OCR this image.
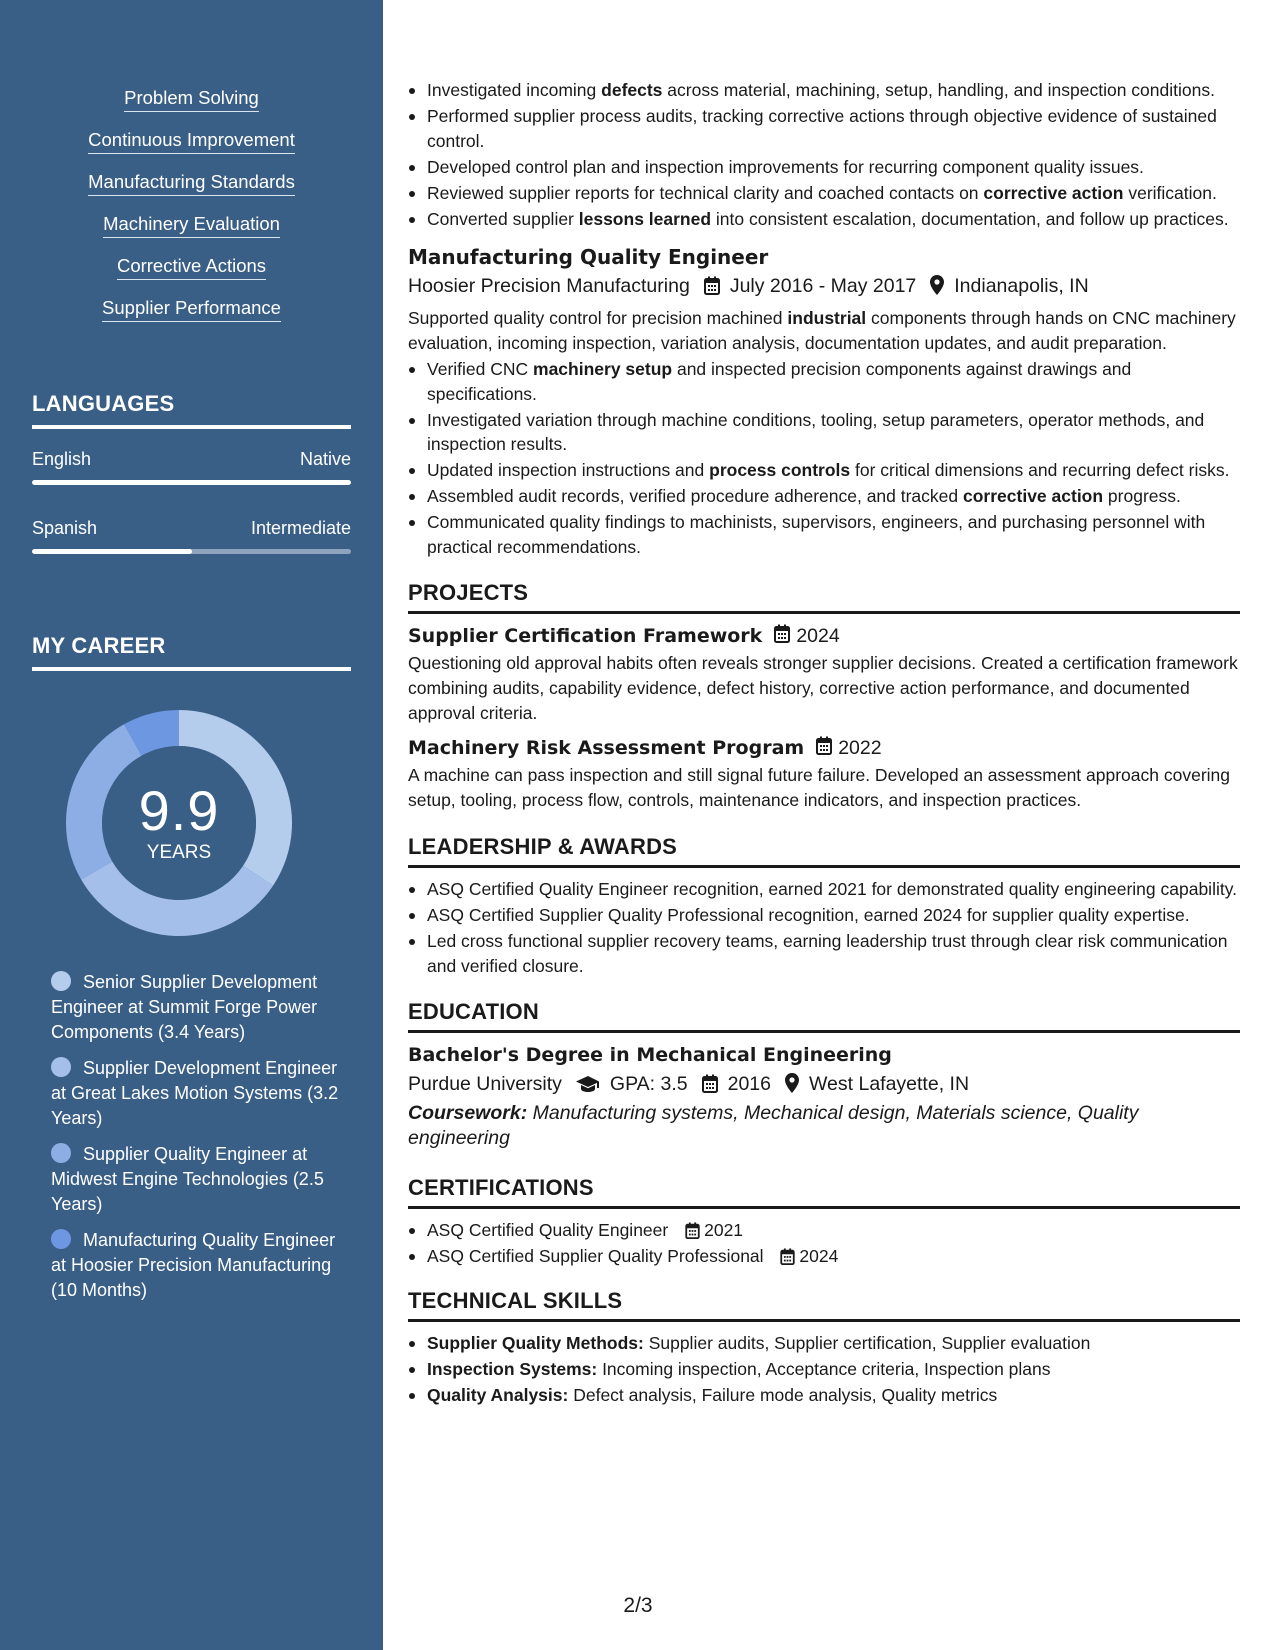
Problem Solving
Continuous Improvement
Manufacturing Standards
Machinery Evaluation
Corrective Actions
Supplier Performance
LANGUAGES
English	Native
Spanish	Intermediate
MY CAREER
9.9
YEARS
Senior Supplier Development Engineer at Summit Forge Power Components (3.4 Years)
Supplier Development Engineer at Great Lakes Motion Systems (3.2 Years)
Supplier Quality Engineer at Midwest Engine Technologies (2.5 Years)
Manufacturing Quality Engineer at Hoosier Precision Manufacturing (10 Months)
Investigated incoming defects across material, machining, setup, handling, and inspection conditions.
Performed supplier process audits, tracking corrective actions through objective evidence of sustained control.
Developed control plan and inspection improvements for recurring component quality issues.
Reviewed supplier reports for technical clarity and coached contacts on corrective action verification.
Converted supplier lessons learned into consistent escalation, documentation, and follow up practices.
Manufacturing Quality Engineer
Hoosier Precision Manufacturing July 2016 - May 2017 Indianapolis, IN
Supported quality control for precision machined industrial components through hands on CNC machinery evaluation, incoming inspection, variation analysis, documentation updates, and audit preparation.
Verified CNC machinery setup and inspected precision components against drawings and specifications.
Investigated variation through machine conditions, tooling, setup parameters, operator methods, and inspection results.
Updated inspection instructions and process controls for critical dimensions and recurring defect risks.
Assembled audit records, verified procedure adherence, and tracked corrective action progress.
Communicated quality findings to machinists, supervisors, engineers, and purchasing personnel with practical recommendations.
PROJECTS
Supplier Certification Framework 2024
Questioning old approval habits often reveals stronger supplier decisions. Created a certification framework combining audits, capability evidence, defect history, corrective action performance, and documented approval criteria.
Machinery Risk Assessment Program 2022
A machine can pass inspection and still signal future failure. Developed an assessment approach covering setup, tooling, process flow, controls, maintenance indicators, and inspection practices.
LEADERSHIP & AWARDS
ASQ Certified Quality Engineer recognition, earned 2021 for demonstrated quality engineering capability.
ASQ Certified Supplier Quality Professional recognition, earned 2024 for supplier quality expertise.
Led cross functional supplier recovery teams, earning leadership trust through clear risk communication and verified closure.
EDUCATION
Bachelor's Degree in Mechanical Engineering
Purdue University GPA: 3.5 2016 West Lafayette, IN
Coursework: Manufacturing systems, Mechanical design, Materials science, Quality engineering
CERTIFICATIONS
ASQ Certified Quality Engineer 2021
ASQ Certified Supplier Quality Professional 2024
TECHNICAL SKILLS
Supplier Quality Methods: Supplier audits, Supplier certification, Supplier evaluation
Inspection Systems: Incoming inspection, Acceptance criteria, Inspection plans
Quality Analysis: Defect analysis, Failure mode analysis, Quality metrics
2/3
